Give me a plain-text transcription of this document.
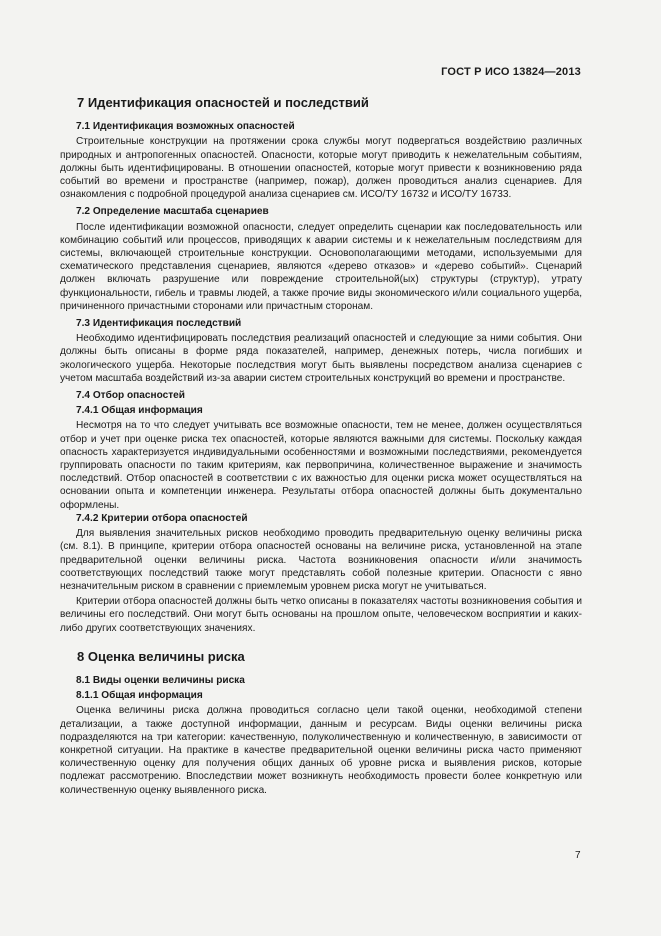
ГОСТ Р ИСО 13824—2013
7 Идентификация опасностей и последствий
7.1 Идентификация возможных опасностей

Строительные конструкции на протяжении срока службы могут подвергаться воздействию различных природных и антропогенных опасностей. Опасности, которые могут приводить к нежелательным событиям, должны быть идентифицированы. В отношении опасностей, которые могут привести к возникновению ряда событий во времени и пространстве (например, пожар), должен проводиться анализ сценариев. Для ознакомления с подробной процедурой анализа сценариев см. ИСО/ТУ 16732 и ИСО/ТУ 16733.

7.2 Определение масштаба сценариев

После идентификации возможной опасности, следует определить сценарии как последовательность или комбинацию событий или процессов, приводящих к аварии системы и к нежелательным последствиям для системы, включающей строительные конструкции. Основополагающими методами, используемыми для схематического представления сценариев, являются «дерево отказов» и «дерево событий». Сценарий должен включать разрушение или повреждение строительной(ых) структуры (структур), утрату функциональности, гибель и травмы людей, а также прочие виды экономического и/или социального ущерба, причиненного причастными сторонами или причастным сторонам.

7.3 Идентификация последствий

Необходимо идентифицировать последствия реализаций опасностей и следующие за ними события. Они должны быть описаны в форме ряда показателей, например, денежных потерь, числа погибших и экологического ущерба. Некоторые последствия могут быть выявлены посредством анализа сценариев с учетом масштаба воздействий из-за аварии систем строительных конструкций во времени и пространстве.

7.4 Отбор опасностей
7.4.1 Общая информация

Несмотря на то что следует учитывать все возможные опасности, тем не менее, должен осуществляться отбор и учет при оценке риска тех опасностей, которые являются важными для системы. Поскольку каждая опасность характеризуется индивидуальными особенностями и возможными последствиями, рекомендуется группировать опасности по таким критериям, как первопричина, количественное выражение и значимость последствий. Отбор опасностей в соответствии с их важностью для оценки риска может осуществляться на основании опыта и компетенции инженера. Результаты отбора опасностей должны быть документально оформлены.

7.4.2 Критерии отбора опасностей

Для выявления значительных рисков необходимо проводить предварительную оценку величины риска (см. 8.1). В принципе, критерии отбора опасностей основаны на величине риска, установленной на этапе предварительной оценки величины риска. Частота возникновения опасности и/или значимость соответствующих последствий также могут представлять собой полезные критерии. Опасности с явно незначительным риском в сравнении с приемлемым уровнем риска могут не учитываться.

Критерии отбора опасностей должны быть четко описаны в показателях частоты возникновения события и величины его последствий. Они могут быть основаны на прошлом опыте, человеческом восприятии и каких-либо других соответствующих значениях.

8 Оценка величины риска
8.1 Виды оценки величины риска
8.1.1 Общая информация

Оценка величины риска должна проводиться согласно цели такой оценки, необходимой степени детализации, а также доступной информации, данным и ресурсам. Виды оценки величины риска подразделяются на три категории: качественную, полуколичественную и количественную, в зависимости от конкретной ситуации. На практике в качестве предварительной оценки величины риска часто применяют количественную оценку для получения общих данных об уровне риска и выявления рисков, которые подлежат рассмотрению. Впоследствии может возникнуть необходимость провести более конкретную или количественную оценку выявленного риска.

7
